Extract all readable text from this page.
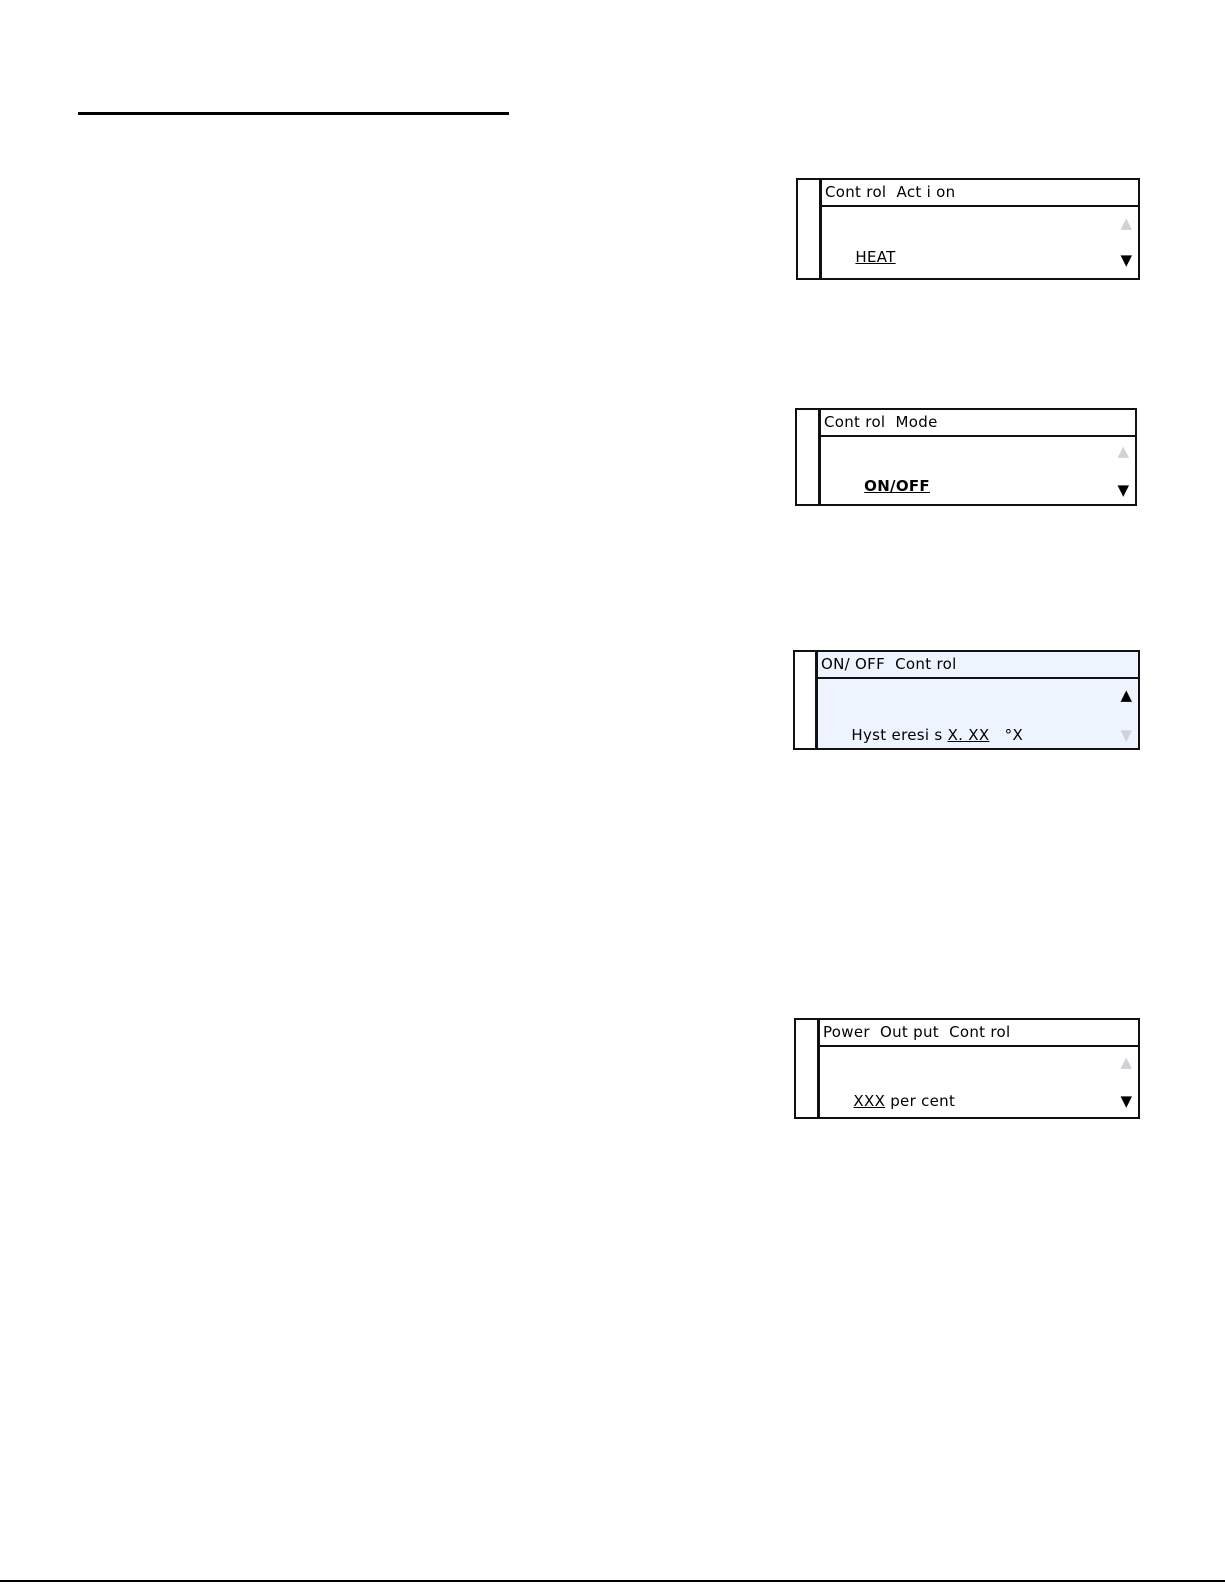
Cont rol  Act i on

HEAT

▲
▼
Cont rol  Mode

ON/OFF

▲
▼
ON/ OFF  Cont rol

Hyst eresi s X. XX   °X

▲
▼
Power  Out put  Cont rol

XXX per cent

▲
▼
